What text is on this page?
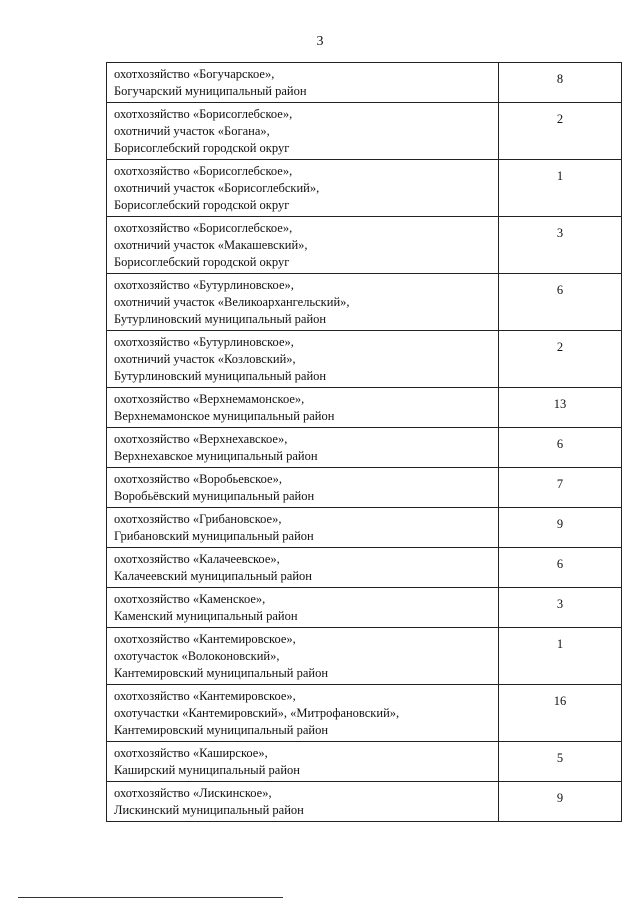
3
охотхозяйство «Богучарское»,
Богучарский муниципальный район	8

охотхозяйство «Борисоглебское»,
охотничий участок «Богана»,
Борисоглебский городской округ	2

охотхозяйство «Борисоглебское»,
охотничий участок «Борисоглебский»,
Борисоглебский городской округ	1

охотхозяйство «Борисоглебское»,
охотничий участок «Макашевский»,
Борисоглебский городской округ	3

охотхозяйство «Бутурлиновское»,
охотничий участок «Великоархангельский»,
Бутурлиновский муниципальный район	6

охотхозяйство «Бутурлиновское»,
охотничий участок «Козловский»,
Бутурлиновский муниципальный район	2

охотхозяйство «Верхнемамонское»,
Верхнемамонское муниципальный район	13

охотхозяйство «Верхнехавское»,
Верхнехавское муниципальный район	6

охотхозяйство «Воробьевское»,
Воробьёвский муниципальный район	7

охотхозяйство «Грибановское»,
Грибановский муниципальный район	9

охотхозяйство «Калачеевское»,
Калачеевский муниципальный район	6

охотхозяйство «Каменское»,
Каменский муниципальный район	3

охотхозяйство «Кантемировское»,
охотучасток «Волоконовский»,
Кантемировский муниципальный район	1

охотхозяйство «Кантемировское»,
охотучастки «Кантемировский», «Митрофановский»,
Кантемировский муниципальный район	16

охотхозяйство «Каширское»,
Каширский муниципальный район	5

охотхозяйство «Лискинское»,
Лискинский муниципальный район	9
